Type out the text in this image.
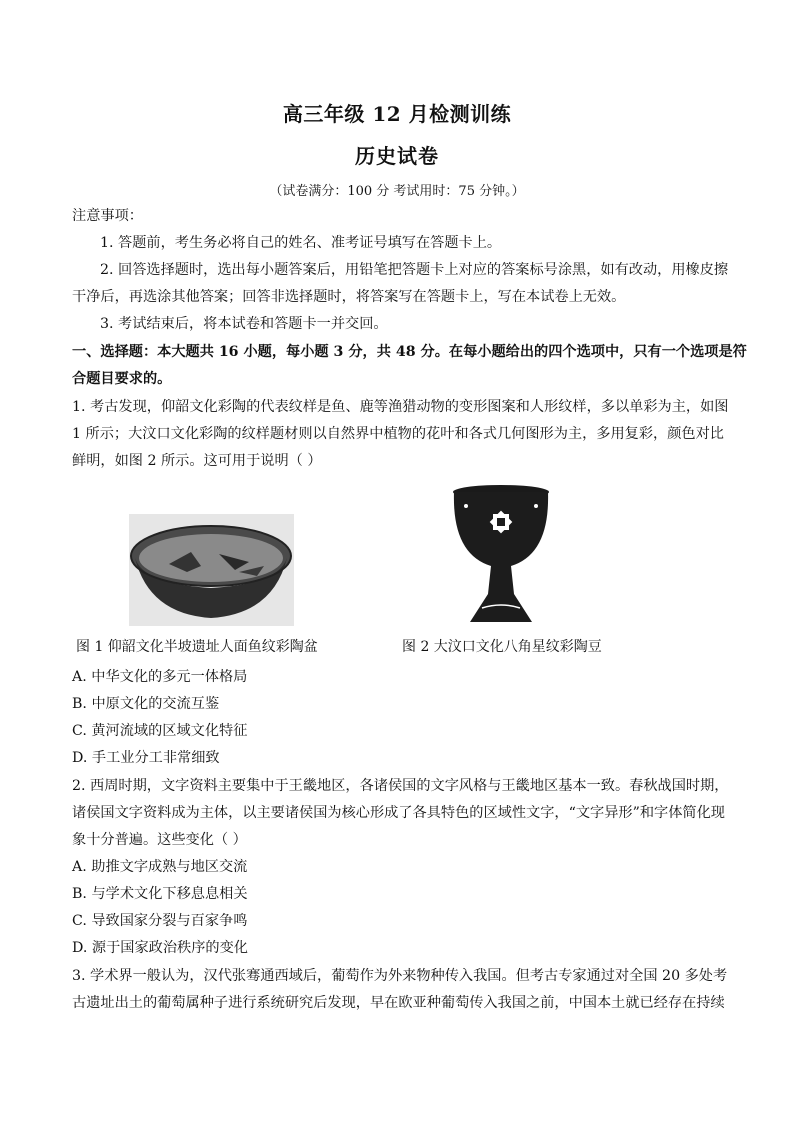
高三年级 12 月检测训练
历史试卷
（试卷满分：100 分 考试用时：75 分钟。）
注意事项：
1. 答题前，考生务必将自己的姓名、准考证号填写在答题卡上。
2. 回答选择题时，选出每小题答案后，用铅笔把答题卡上对应的答案标号涂黑，如有改动，用橡皮擦
干净后，再选涂其他答案；回答非选择题时，将答案写在答题卡上，写在本试卷上无效。
3. 考试结束后，将本试卷和答题卡一并交回。
一、选择题：本大题共 16 小题，每小题 3 分，共 48 分。在每小题给出的四个选项中，只有一个选项是符
合题目要求的。
1. 考古发现，仰韶文化彩陶的代表纹样是鱼、鹿等渔猎动物的变形图案和人形纹样，多以单彩为主，如图
1 所示；大汶口文化彩陶的纹样题材则以自然界中植物的花叶和各式几何图形为主，多用复彩，颜色对比
鲜明，如图 2 所示。这可用于说明（ ）
图 1 仰韶文化半坡遗址人面鱼纹彩陶盆	图 2 大汶口文化八角星纹彩陶豆
A. 中华文化的多元一体格局
B. 中原文化的交流互鉴
C. 黄河流域的区域文化特征
D. 手工业分工非常细致
2. 西周时期，文字资料主要集中于王畿地区，各诸侯国的文字风格与王畿地区基本一致。春秋战国时期，
诸侯国文字资料成为主体，以主要诸侯国为核心形成了各具特色的区域性文字，“文字异形”和字体简化现
象十分普遍。这些变化（ ）
A. 助推文字成熟与地区交流
B. 与学术文化下移息息相关
C. 导致国家分裂与百家争鸣
D. 源于国家政治秩序的变化
3. 学术界一般认为，汉代张骞通西域后，葡萄作为外来物种传入我国。但考古专家通过对全国 20 多处考
古遗址出土的葡萄属种子进行系统研究后发现，早在欧亚种葡萄传入我国之前，中国本土就已经存在持续
